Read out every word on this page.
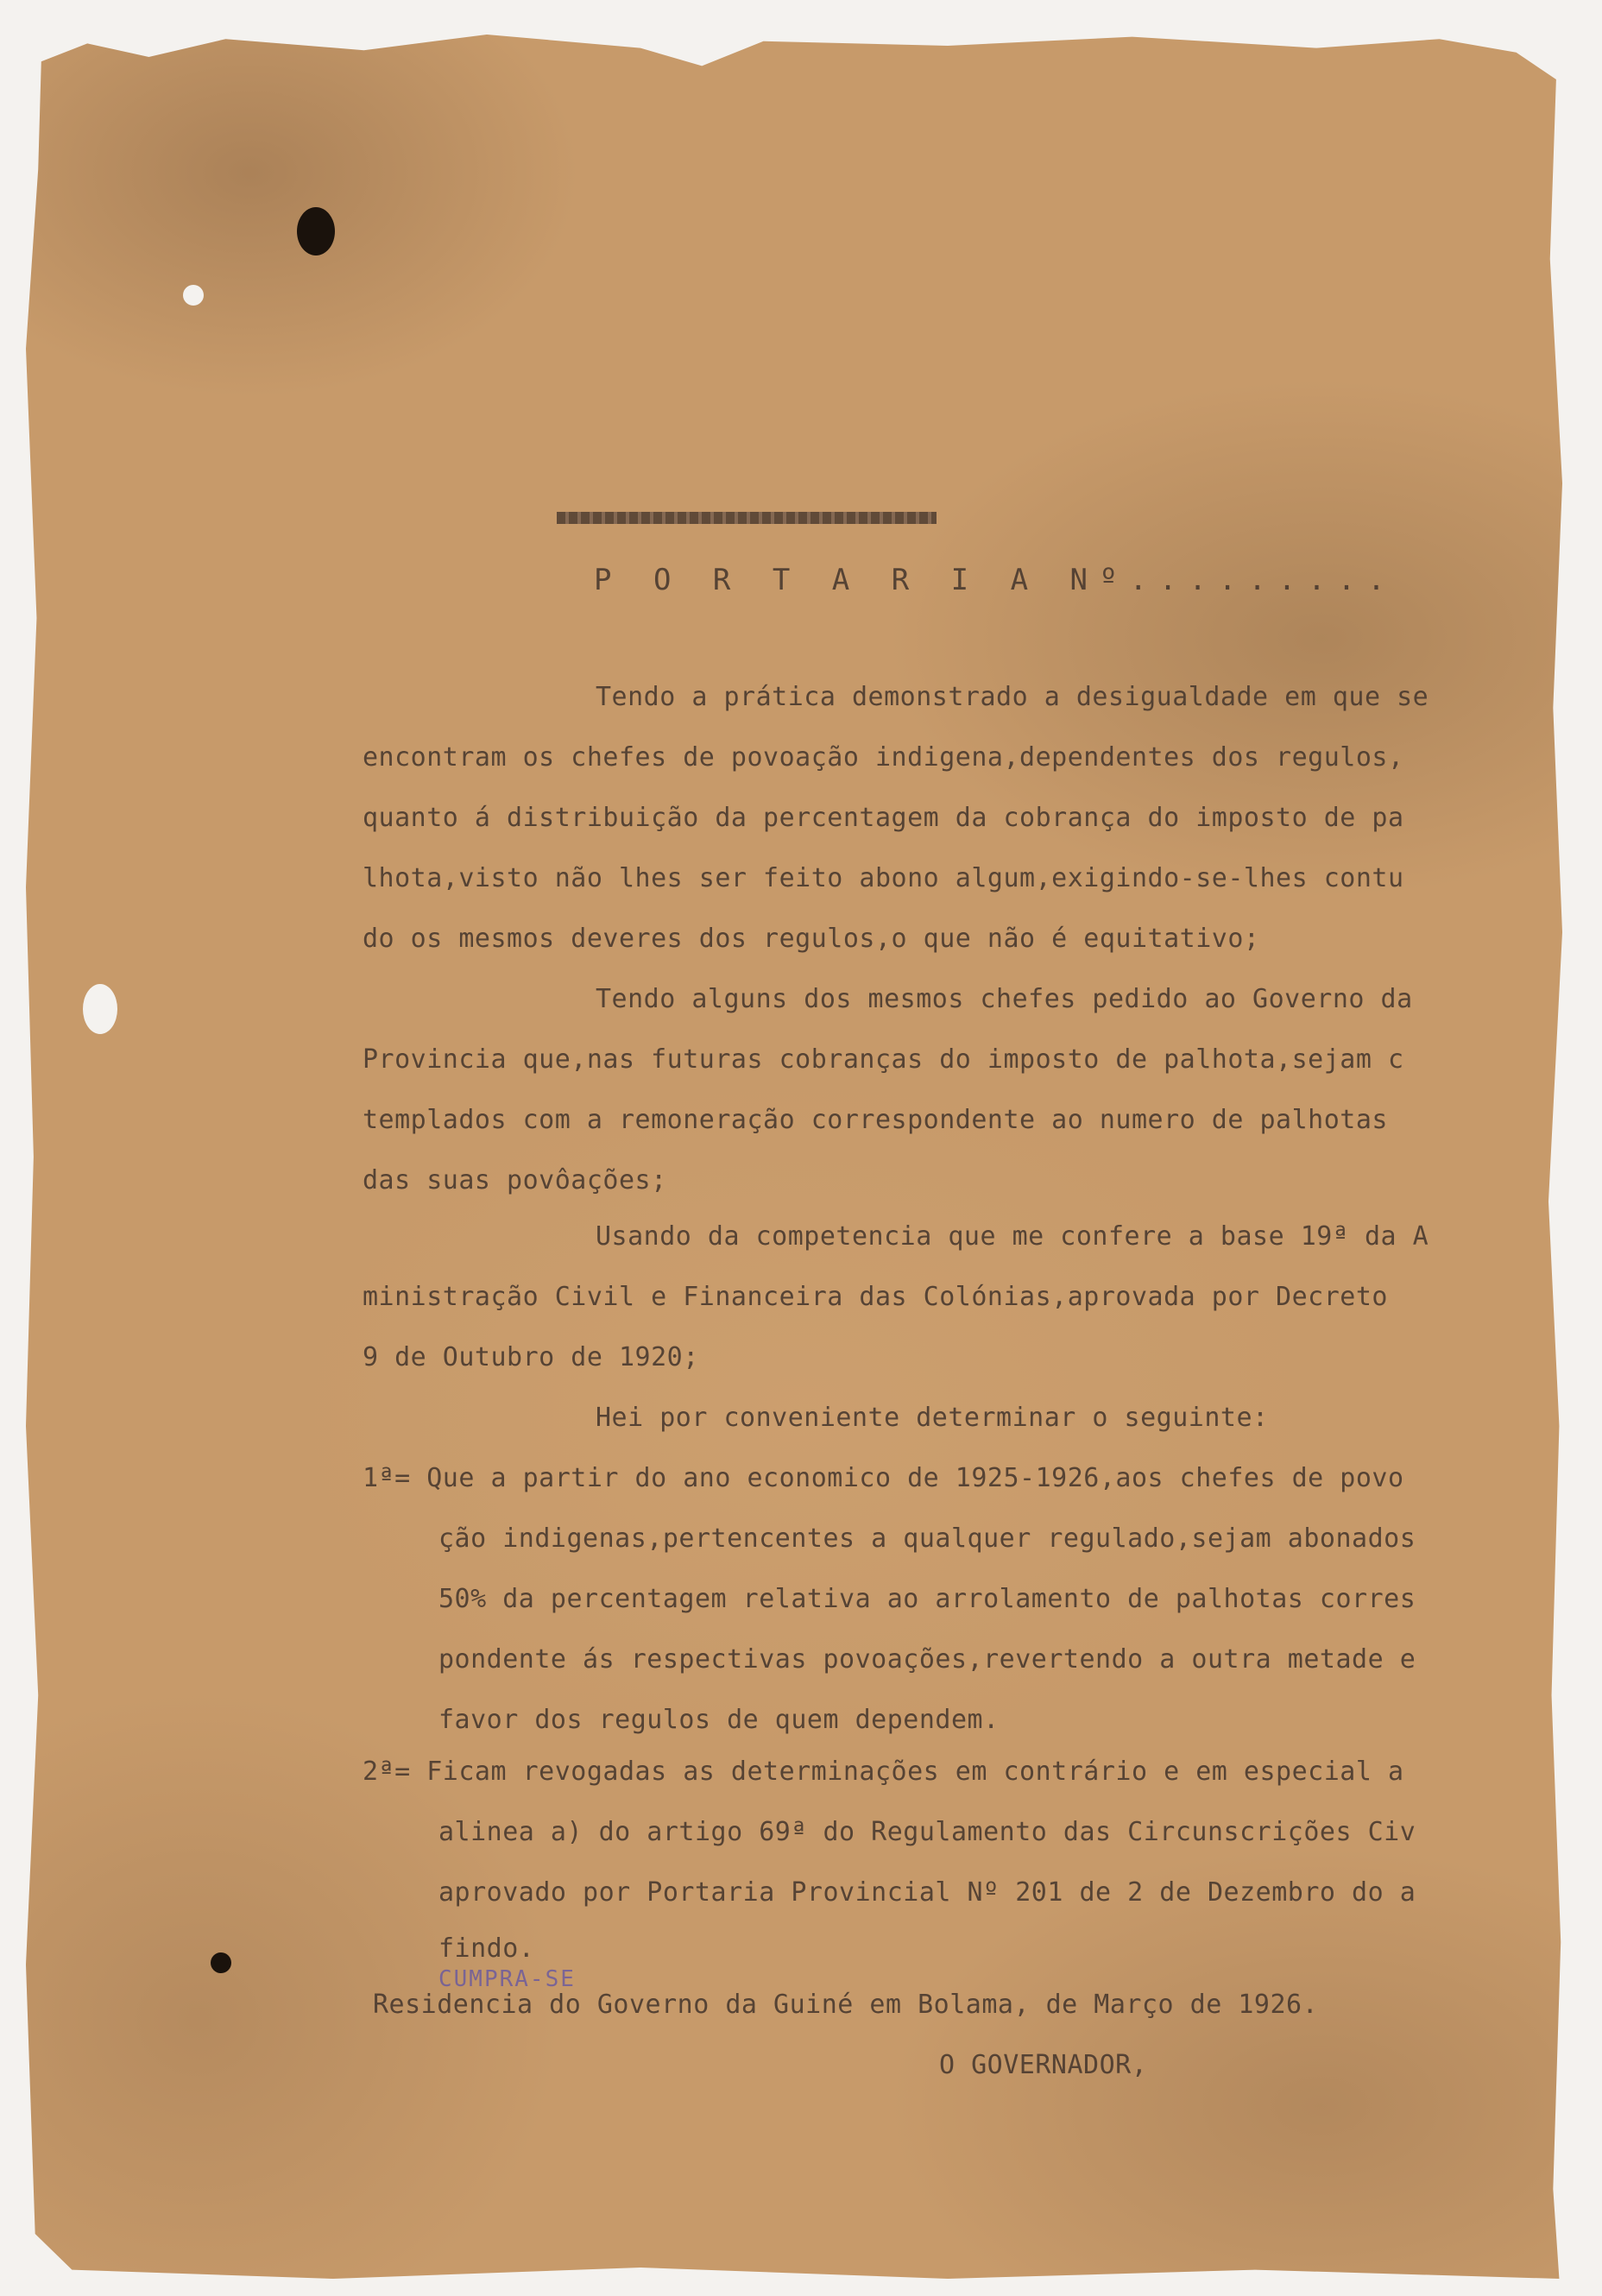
P O R T A R I A Nº.........
Tendo a prática demonstrado a desigualdade em que se
encontram os chefes de povoação indigena,dependentes dos regulos,
quanto á distribuição da percentagem da cobrança do imposto de pa
lhota,visto não lhes ser feito abono algum,exigindo-se-lhes contu
do os mesmos deveres dos regulos,o que não é equitativo;
Tendo alguns dos mesmos chefes pedido ao Governo da
Provincia que,nas futuras cobranças do imposto de palhota,sejam c
templados com a remoneração correspondente ao numero de palhotas
das suas povôações;
Usando da competencia que me confere a base 19ª da A
ministração Civil e Financeira das Colónias,aprovada por Decreto
9 de Outubro de 1920;
Hei por conveniente determinar o seguinte:
1ª= Que a partir do ano economico de 1925-1926,aos chefes de povo
ção indigenas,pertencentes a qualquer regulado,sejam abonados
50% da percentagem relativa ao arrolamento de palhotas corres
pondente ás respectivas povoações,revertendo a outra metade e
favor dos regulos de quem dependem.
2ª= Ficam revogadas as determinações em contrário e em especial a
alinea a) do artigo 69ª do Regulamento das Circunscrições Civ
aprovado por Portaria Provincial Nº 201 de 2 de Dezembro do a
findo.
CUMPRA-SE
Residencia do Governo da Guiné em Bolama, de Março de 1926.
O GOVERNADOR,
